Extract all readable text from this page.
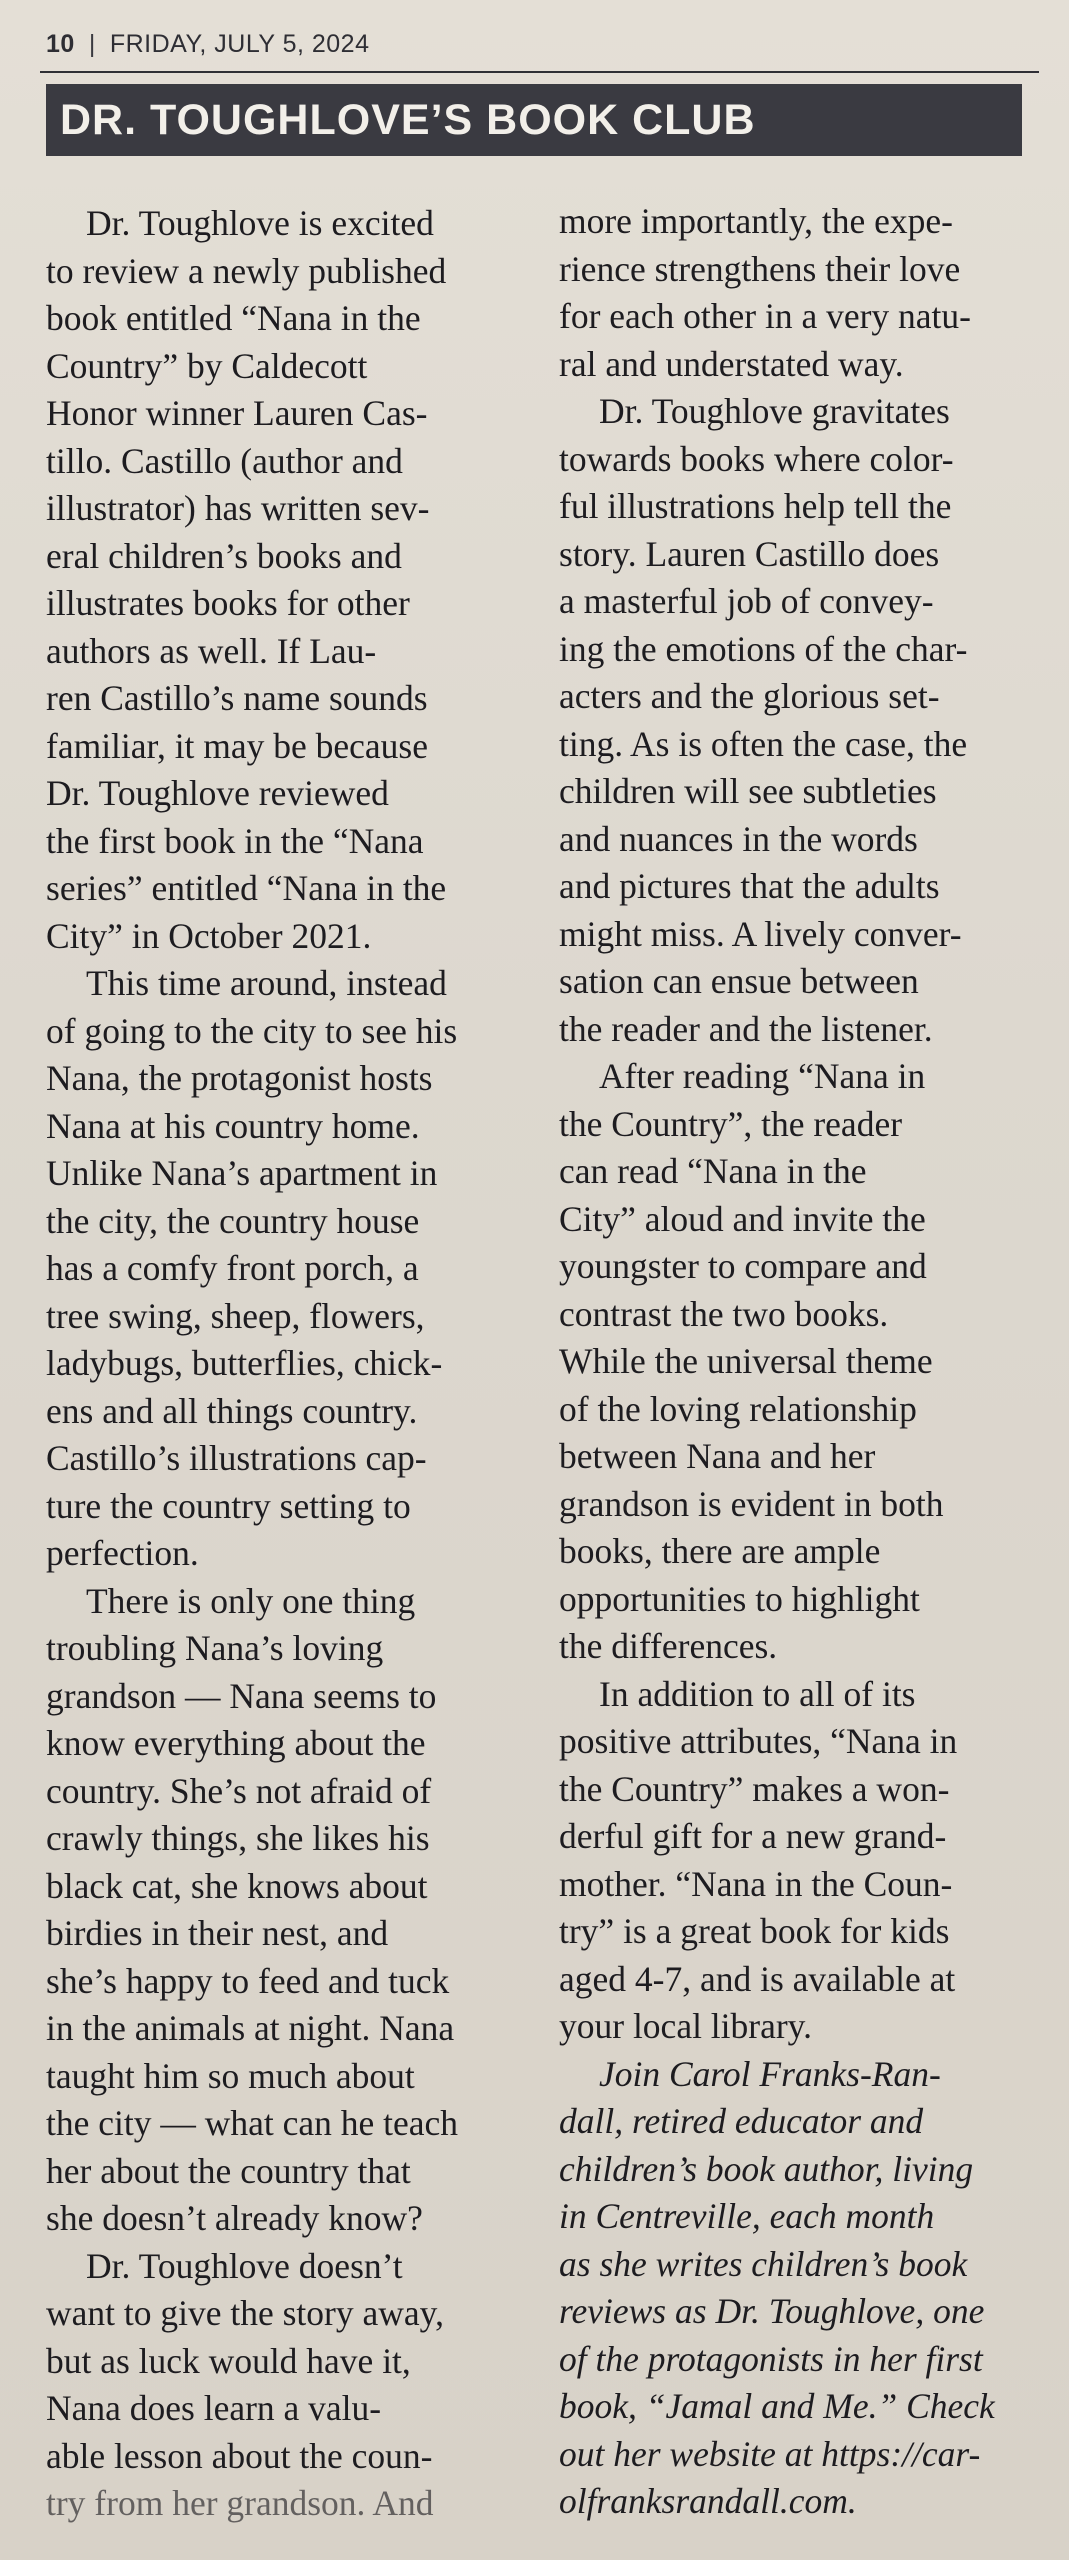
10 | FRIDAY, JULY 5, 2024
DR. TOUGHLOVE’S BOOK CLUB
Dr. Toughlove is excited
to review a newly published
book entitled “Nana in the
Country” by Caldecott
Honor winner Lauren Cas-
tillo. Castillo (author and
illustrator) has written sev-
eral children’s books and
illustrates books for other
authors as well. If Lau-
ren Castillo’s name sounds
familiar, it may be because
Dr. Toughlove reviewed
the first book in the “Nana
series” entitled “Nana in the
City” in October 2021.
This time around, instead
of going to the city to see his
Nana, the protagonist hosts
Nana at his country home.
Unlike Nana’s apartment in
the city, the country house
has a comfy front porch, a
tree swing, sheep, flowers,
ladybugs, butterflies, chick-
ens and all things country.
Castillo’s illustrations cap-
ture the country setting to
perfection.
There is only one thing
troubling Nana’s loving
grandson — Nana seems to
know everything about the
country. She’s not afraid of
crawly things, she likes his
black cat, she knows about
birdies in their nest, and
she’s happy to feed and tuck
in the animals at night. Nana
taught him so much about
the city — what can he teach
her about the country that
she doesn’t already know?
Dr. Toughlove doesn’t
want to give the story away,
but as luck would have it,
Nana does learn a valu-
able lesson about the coun-
try from her grandson. And
more importantly, the expe-
rience strengthens their love
for each other in a very natu-
ral and understated way.
Dr. Toughlove gravitates
towards books where color-
ful illustrations help tell the
story. Lauren Castillo does
a masterful job of convey-
ing the emotions of the char-
acters and the glorious set-
ting. As is often the case, the
children will see subtleties
and nuances in the words
and pictures that the adults
might miss. A lively conver-
sation can ensue between
the reader and the listener.
After reading “Nana in
the Country”, the reader
can read “Nana in the
City” aloud and invite the
youngster to compare and
contrast the two books.
While the universal theme
of the loving relationship
between Nana and her
grandson is evident in both
books, there are ample
opportunities to highlight
the differences.
In addition to all of its
positive attributes, “Nana in
the Country” makes a won-
derful gift for a new grand-
mother. “Nana in the Coun-
try” is a great book for kids
aged 4-7, and is available at
your local library.
Join Carol Franks-Ran-
dall, retired educator and
children’s book author, living
in Centreville, each month
as she writes children’s book
reviews as Dr. Toughlove, one
of the protagonists in her first
book, “Jamal and Me.” Check
out her website at https://car-
olfranksrandall.com.
